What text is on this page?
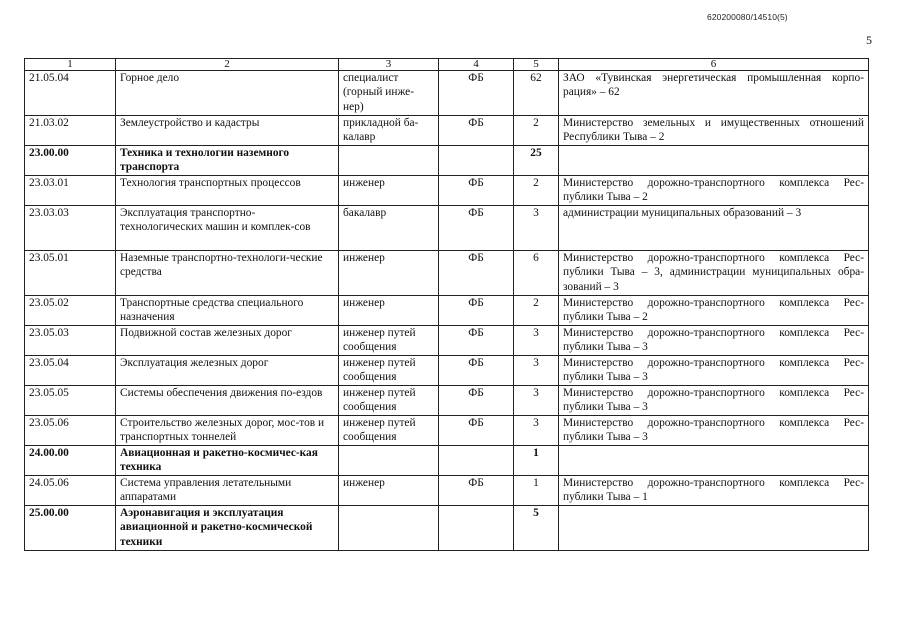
620200080/14510(5)
5
1	2	3	4	5	6
21.05.04	Горное дело	специалист (горный инже-нер)	ФБ	62	ЗАО «Тувинская энергетическая промышленная корпо-рация» – 62
21.03.02	Землеустройство и кадастры	прикладной ба-калавр	ФБ	2	Министерство земельных и имущественных отношений Республики Тыва – 2
23.00.00	Техника и технологии наземного транспорта			25	
23.03.01	Технология транспортных процессов	инженер	ФБ	2	Министерство дорожно-транспортного комплекса Рес-публики Тыва – 2
23.03.03	Эксплуатация транспортно-технологических машин и комплек-сов	бакалавр	ФБ	3	администрации муниципальных образований – 3
23.05.01	Наземные транспортно-технологи-ческие средства	инженер	ФБ	6	Министерство дорожно-транспортного комплекса Рес-публики Тыва – 3, администрации муниципальных обра-зований – 3
23.05.02	Транспортные средства специального назначения	инженер	ФБ	2	Министерство дорожно-транспортного комплекса Рес-публики Тыва – 2
23.05.03	Подвижной состав железных дорог	инженер путей сообщения	ФБ	3	Министерство дорожно-транспортного комплекса Рес-публики Тыва – 3
23.05.04	Эксплуатация железных дорог	инженер путей сообщения	ФБ	3	Министерство дорожно-транспортного комплекса Рес-публики Тыва – 3
23.05.05	Системы обеспечения движения по-ездов	инженер путей сообщения	ФБ	3	Министерство дорожно-транспортного комплекса Рес-публики Тыва – 3
23.05.06	Строительство железных дорог, мос-тов и транспортных тоннелей	инженер путей сообщения	ФБ	3	Министерство дорожно-транспортного комплекса Рес-публики Тыва – 3
24.00.00	Авиационная и ракетно-космичес-кая техника			1	
24.05.06	Система управления летательными аппаратами	инженер	ФБ	1	Министерство дорожно-транспортного комплекса Рес-публики Тыва – 1
25.00.00	Аэронавигация и эксплуатация авиационной и ракетно-космической техники			5	
